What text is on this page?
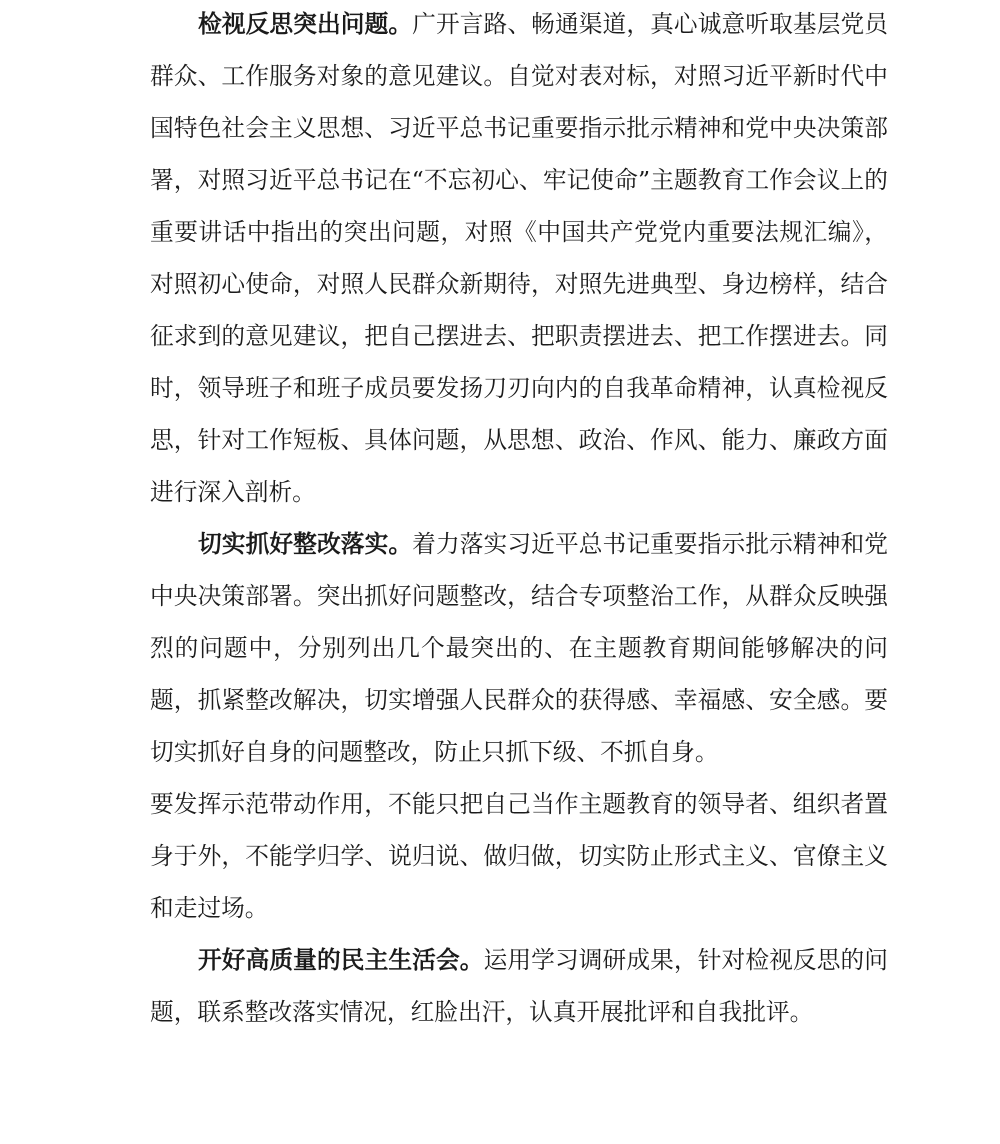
检视反思突出问题。广开言路、畅通渠道，真心诚意听取基层党员群众、工作服务对象的意见建议。自觉对表对标，对照习近平新时代中国特色社会主义思想、习近平总书记重要指示批示精神和党中央决策部署，对照习近平总书记在“不忘初心、牢记使命”主题教育工作会议上的重要讲话中指出的突出问题，对照《中国共产党党内重要法规汇编》，对照初心使命，对照人民群众新期待，对照先进典型、身边榜样，结合征求到的意见建议，把自己摆进去、把职责摆进去、把工作摆进去。同时，领导班子和班子成员要发扬刀刃向内的自我革命精神，认真检视反思，针对工作短板、具体问题，从思想、政治、作风、能力、廉政方面进行深入剖析。

切实抓好整改落实。着力落实习近平总书记重要指示批示精神和党中央决策部署。突出抓好问题整改，结合专项整治工作，从群众反映强烈的问题中，分别列出几个最突出的、在主题教育期间能够解决的问题，抓紧整改解决，切实增强人民群众的获得感、幸福感、安全感。要切实抓好自身的问题整改，防止只抓下级、不抓自身。

要发挥示范带动作用，不能只把自己当作主题教育的领导者、组织者置身于外，不能学归学、说归说、做归做，切实防止形式主义、官僚主义和走过场。

开好高质量的民主生活会。运用学习调研成果，针对检视反思的问题，联系整改落实情况，红脸出汗，认真开展批评和自我批评。
